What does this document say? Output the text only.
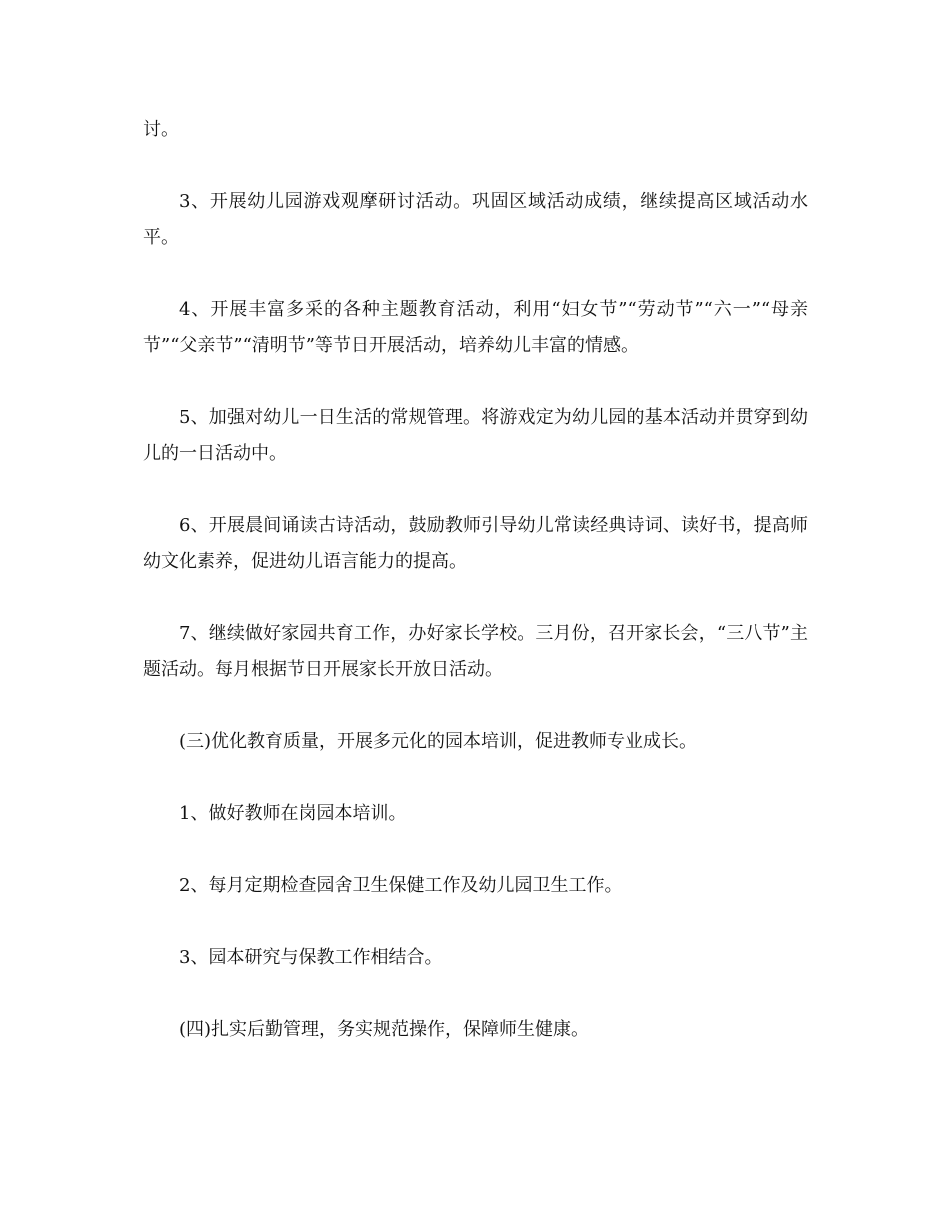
讨。

3、开展幼儿园游戏观摩研讨活动。巩固区域活动成绩，继续提高区域活动水平。

4、开展丰富多采的各种主题教育活动，利用“妇女节”“劳动节”“六一”“母亲节”“父亲节”“清明节”等节日开展活动，培养幼儿丰富的情感。

5、加强对幼儿一日生活的常规管理。将游戏定为幼儿园的基本活动并贯穿到幼儿的一日活动中。

6、开展晨间诵读古诗活动，鼓励教师引导幼儿常读经典诗词、读好书，提高师幼文化素养，促进幼儿语言能力的提高。

7、继续做好家园共育工作，办好家长学校。三月份，召开家长会，“三八节”主题活动。每月根据节日开展家长开放日活动。

(三)优化教育质量，开展多元化的园本培训，促进教师专业成长。

1、做好教师在岗园本培训。

2、每月定期检查园舍卫生保健工作及幼儿园卫生工作。

3、园本研究与保教工作相结合。

(四)扎实后勤管理，务实规范操作，保障师生健康。
